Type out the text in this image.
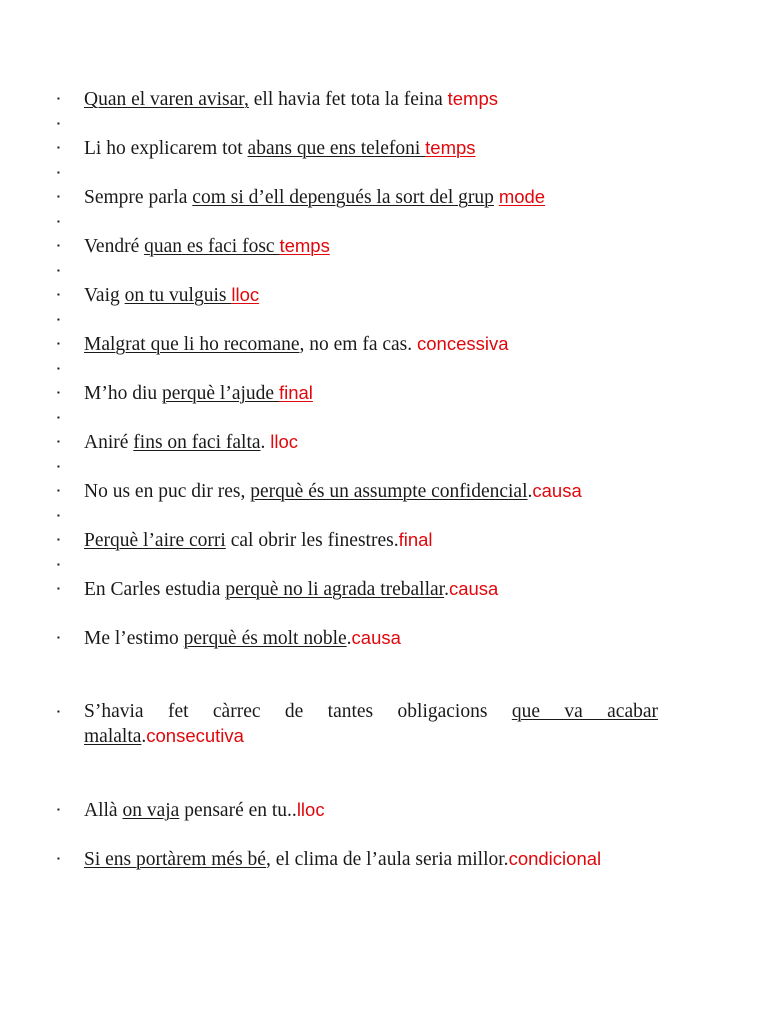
▪	Quan el varen avisar, ell havia fet tota la feina temps
▪
▪	Li ho explicarem tot abans que ens telefoni temps
▪
▪	Sempre parla com si d’ell depengués la sort del grup mode
▪
▪	Vendré quan es faci fosc temps
▪
▪	Vaig on tu vulguis lloc
▪
▪	Malgrat que li ho recomane, no em fa cas. concessiva
▪
▪	M’ho diu perquè l’ajude final
▪
▪	Aniré fins on faci falta. lloc
▪
▪	No us en puc dir res, perquè és un assumpte confidencial.causa
▪
▪	Perquè l’aire corri cal obrir les finestres.final
▪
▪	En Carles estudia perquè no li agrada treballar.causa
▪	Me l’estimo perquè és molt noble.causa
▪	S’havia fet càrrec de tantes obligacions que va acabar malalta.consecutiva
▪	Allà on vaja pensaré en tu..lloc
▪	Si ens portàrem més bé, el clima de l’aula seria millor.condicional
